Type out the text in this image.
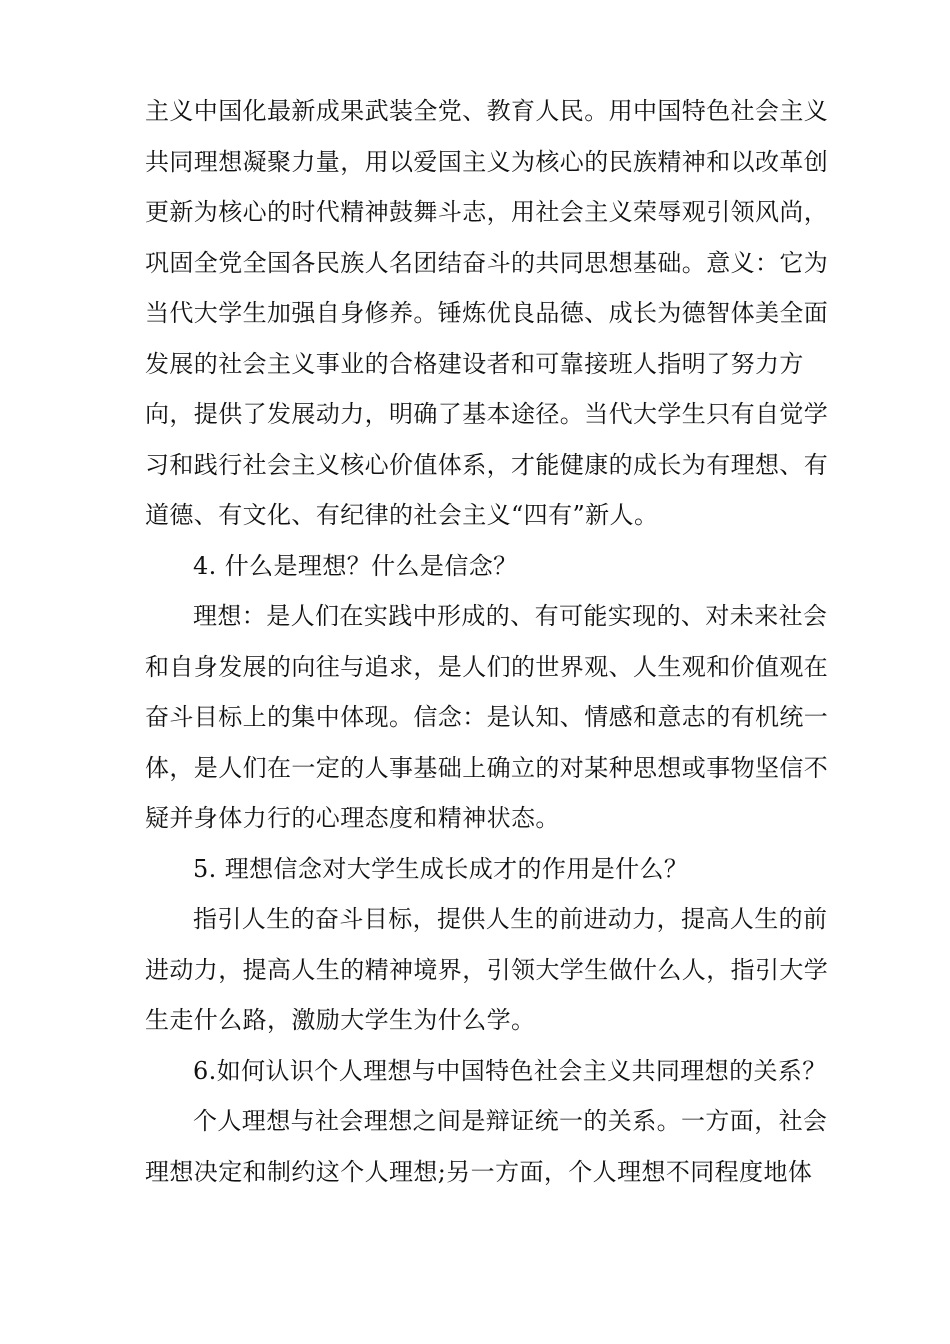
主义中国化最新成果武装全党、教育人民。用中国特色社会主义
共同理想凝聚力量，用以爱国主义为核心的民族精神和以改革创
更新为核心的时代精神鼓舞斗志，用社会主义荣辱观引领风尚，
巩固全党全国各民族人名团结奋斗的共同思想基础。意义：它为
当代大学生加强自身修养。锤炼优良品德、成长为德智体美全面
发展的社会主义事业的合格建设者和可靠接班人指明了努力方
向，提供了发展动力，明确了基本途径。当代大学生只有自觉学
习和践行社会主义核心价值体系，才能健康的成长为有理想、有
道德、有文化、有纪律的社会主义“四有”新人。
4. 什么是理想？什么是信念？
理想：是人们在实践中形成的、有可能实现的、对未来社会
和自身发展的向往与追求，是人们的世界观、人生观和价值观在
奋斗目标上的集中体现。信念：是认知、情感和意志的有机统一
体，是人们在一定的人事基础上确立的对某种思想或事物坚信不
疑并身体力行的心理态度和精神状态。
5. 理想信念对大学生成长成才的作用是什么？
指引人生的奋斗目标，提供人生的前进动力，提高人生的前
进动力，提高人生的精神境界，引领大学生做什么人，指引大学
生走什么路，激励大学生为什么学。
6.如何认识个人理想与中国特色社会主义共同理想的关系？
个人理想与社会理想之间是辩证统一的关系。一方面，社会
理想决定和制约这个人理想;另一方面，个人理想不同程度地体
